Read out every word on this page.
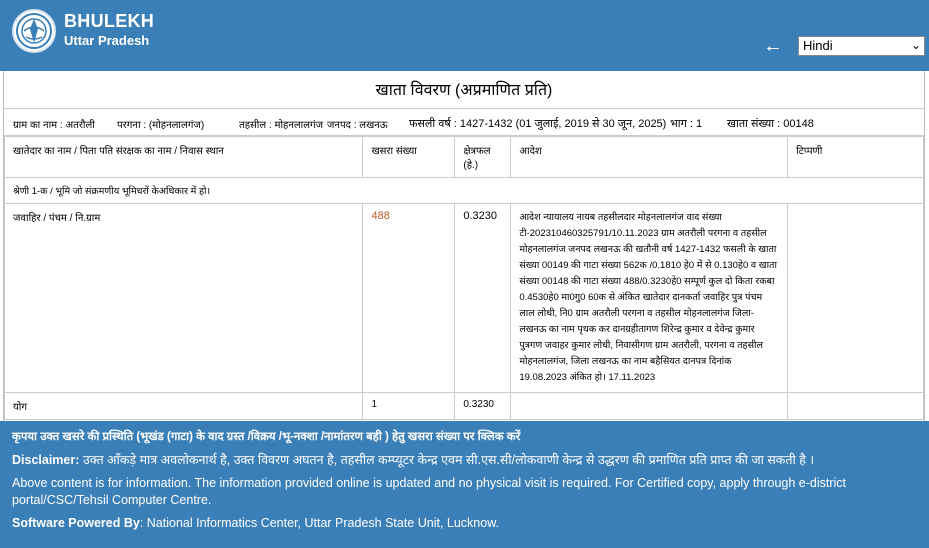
BHULEKH
Uttar Pradesh	←	Hindi	⌄
खाता विवरण (अप्रमाणित प्रति)
ग्राम का नाम : अतरौली परगना : (मोहनलालगंज)	तहसील : मोहनलालगंज जनपद : लखनऊ फसली वर्ष : 1427-1432 (01 जुलाई, 2019 से 30 जून, 2025) भाग : 1 खाता संख्या : 00148
खातेदार का नाम / पिता पति संरक्षक का नाम / निवास स्थान	खसरा संख्या	क्षेत्रफल (हे.)	आदेश	टिप्पणी
श्रेणी 1-क / भूमि जो संक्रमणीय भूमिधरों केअधिकार में हो।				
जवाहिर / पंचम / नि.ग्राम	488	0.3230	आदेश न्यायालय नायब तहसीलदार मोहनलालगंज वाद संख्या टी-202310460325791/10.11.2023 ग्राम अतरौली परगना व तहसील मोहनलालगंज जनपद लखनऊ की खतौनी वर्ष 1427-1432 फसली के खाता संख्या 00149 की गाटा संख्या 562क /0.1810 हे0 में से 0.130हे0 व खाता संख्या 00148 की गाटा संख्या 488/0.3230हे0 सम्पूर्ण कुल दो किता रकबा 0.4530हे0 मा0गु0 60क से अंकित खातेदार दानकर्ता जवाहिर पुत्र पंचम लाल लोधी, नि0 ग्राम अतरौली परगना व तहसील मोहनलालगंज जिला-लखनऊ का नाम पृथक कर दानग्रहीतागण शिरेन्द्र कुमार व देवेन्द्र कुमार पुत्रगण जवाहर कुमार लोधी, निवासीगण ग्राम अतरौली, परगना व तहसील मोहनलालगंज, जिला लखनऊ का नाम बहैसियत दानपत्र दिनांक 19.08.2023 अंकित हो। 17.11.2023	
योग	1	0.3230		

कृपया उक्त खसरे की प्रस्थिति (भूखंड (गाटा) के वाद ग्रस्त /विक्रय /भू-नक्शा /नामांतरण बही ) हेतु खसरा संख्या पर क्लिक करें

Disclaimer: उक्त आँकड़े मात्र अवलोकनार्थ है, उक्त विवरण अघतन है, तहसील कम्प्यूटर केन्द्र एवम सी.एस.सी/लोकवाणी केन्द्र से उद्धरण की प्रमाणित प्रति प्राप्त की जा सकती है ।

Above content is for information. The information provided online is updated and no physical visit is required. For Certified copy, apply through e-district portal/CSC/Tehsil Computer Centre.

Software Powered By: National Informatics Center, Uttar Pradesh State Unit, Lucknow.
